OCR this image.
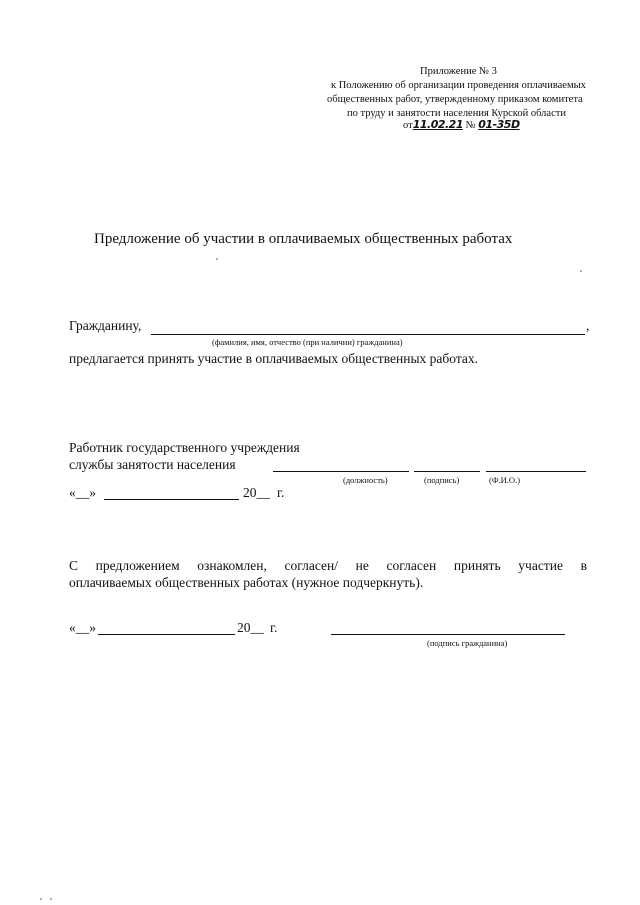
Приложение № 3
к Положению об организации проведения оплачиваемых
общественных работ, утвержденному приказом комитета
по труду и занятости населения Курской области
от11.02.21 № 01-35D
Предложение об участии в оплачиваемых общественных работах
Гражданину,	,
(фамилия, имя, отчество (при наличии) гражданина)
предлагается принять участие в оплачиваемых общественных работах.
Работник государственного учреждения
службы занятости населения
(должность)	(подпись)	(Ф.И.О.)
«__»	20__ г.
С предложением ознакомлен, согласен/ не согласен принять участие в
оплачиваемых общественных работах (нужное подчеркнуть).
«__»	20__ г.
(подпись гражданина)
